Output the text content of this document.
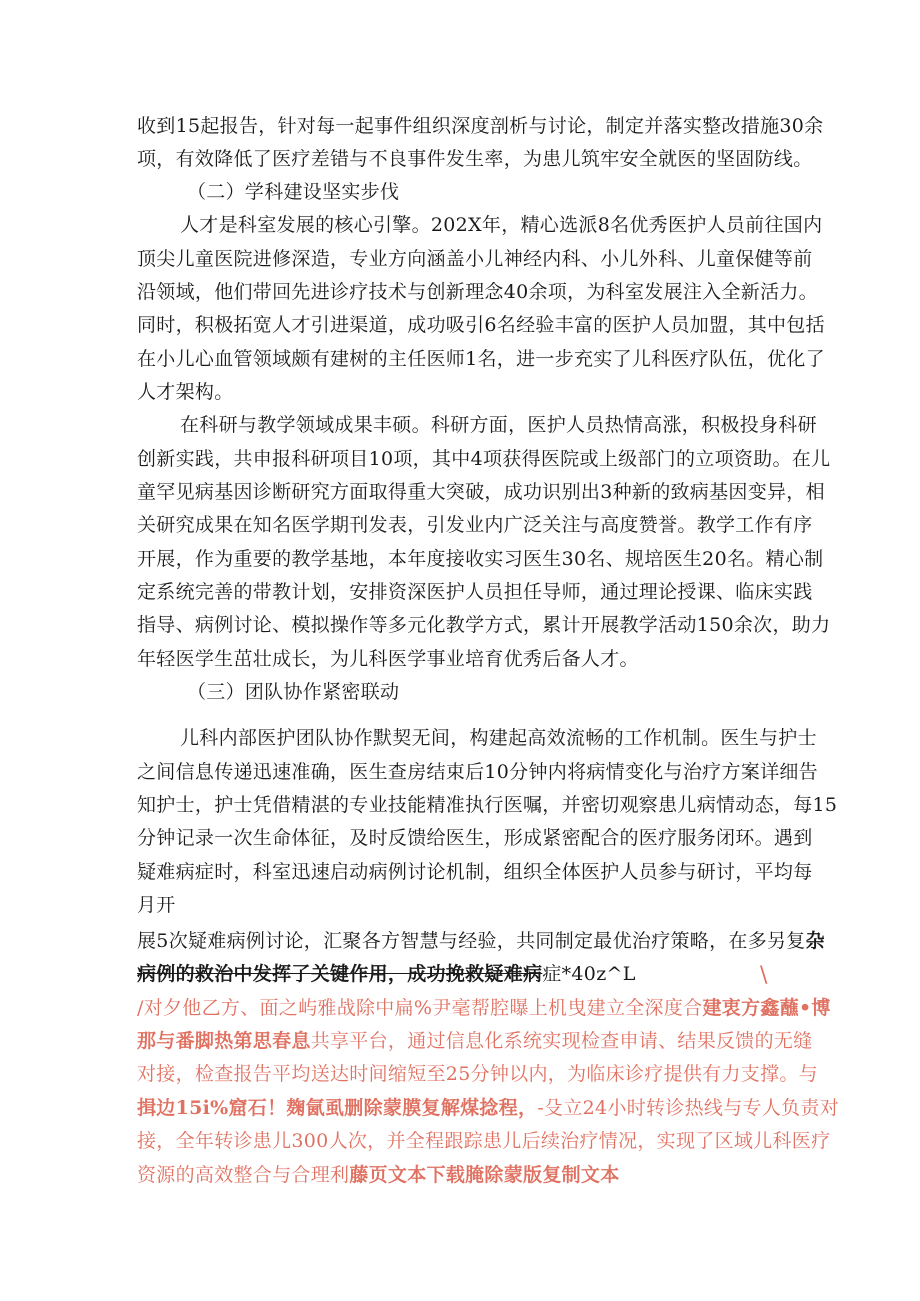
收到15起报告，针对每一起事件组织深度剖析与讨论，制定并落实整改措施30余
项，有效降低了医疗差错与不良事件发生率，为患儿筑牢安全就医的坚固防线。
（二）学科建设坚实步伐
人才是科室发展的核心引擎。202X年，精心选派8名优秀医护人员前往国内
顶尖儿童医院进修深造，专业方向涵盖小儿神经内科、小儿外科、儿童保健等前
沿领域，他们带回先进诊疗技术与创新理念40余项，为科室发展注入全新活力。
同时，积极拓宽人才引进渠道，成功吸引6名经验丰富的医护人员加盟，其中包括
在小儿心血管领域颇有建树的主任医师1名，进一步充实了儿科医疗队伍，优化了
人才架构。
在科研与教学领域成果丰硕。科研方面，医护人员热情高涨，积极投身科研
创新实践，共申报科研项目10项，其中4项获得医院或上级部门的立项资助。在儿
童罕见病基因诊断研究方面取得重大突破，成功识别出3种新的致病基因变异，相
关研究成果在知名医学期刊发表，引发业内广泛关注与高度赞誉。教学工作有序
开展，作为重要的教学基地，本年度接收实习医生30名、规培医生20名。精心制
定系统完善的带教计划，安排资深医护人员担任导师，通过理论授课、临床实践
指导、病例讨论、模拟操作等多元化教学方式，累计开展教学活动150余次，助力
年轻医学生茁壮成长，为儿科医学事业培育优秀后备人才。
（三）团队协作紧密联动
儿科内部医护团队协作默契无间，构建起高效流畅的工作机制。医生与护士
之间信息传递迅速准确，医生查房结束后10分钟内将病情变化与治疗方案详细告
知护士，护士凭借精湛的专业技能精准执行医嘱，并密切观察患儿病情动态，每15
分钟记录一次生命体征，及时反馈给医生，形成紧密配合的医疗服务闭环。遇到
疑难病症时，科室迅速启动病例讨论机制，组织全体医护人员参与研讨，平均每
月开
展5次疑难病例讨论，汇聚各方智慧与经验，共同制定最优治疗策略，在多另复杂
病例的救治中发挥了关键作用，成功挽救疑难病症*40z^L	\
/对夕他乙方、面之屿雅战除中扁%尹毫帮腔曝上机曳建立全深度合建衷方鑫蘸•博
那与番脚热第思春息共享平台，通过信息化系统实现检查申请、结果反馈的无缝
对接，检查报告平均送达时间缩短至25分钟以内，为临床诊疗提供有力支撑。与
揖边15i%窟石！麹氤虱删除蒙膜复解煤捻程，-殳立24小时转诊热线与专人负责对
接，全年转诊患儿300人次，并全程跟踪患儿后续治疗情况，实现了区域儿科医疗
资源的高效整合与合理利藤页文本下载腌除蒙版复制文本
